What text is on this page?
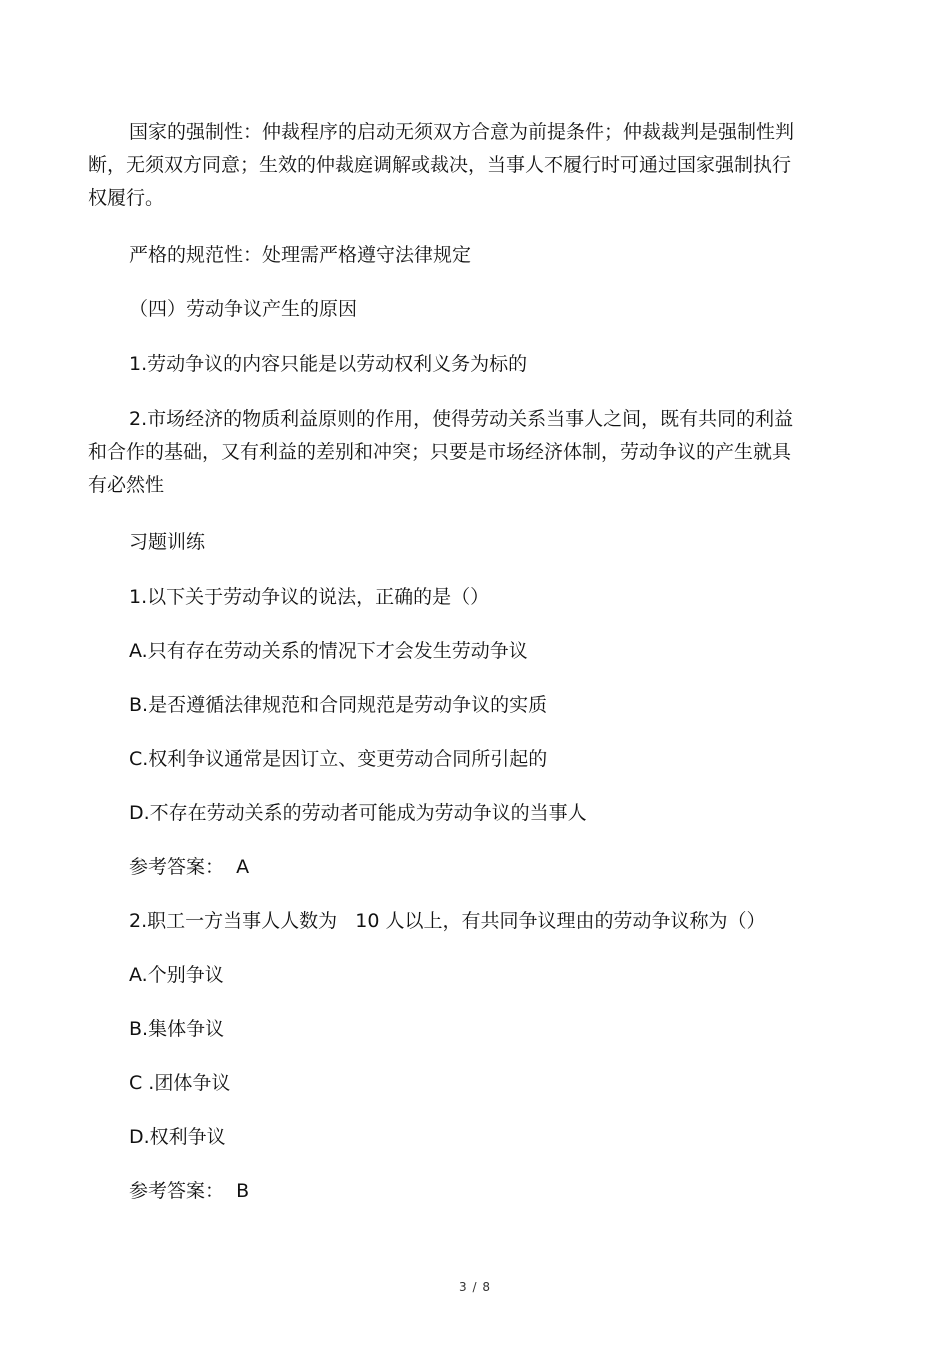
国家的强制性：仲裁程序的启动无须双方合意为前提条件；仲裁裁判是强制性判断，无须双方同意；生效的仲裁庭调解或裁决，当事人不履行时可通过国家强制执行权履行。

严格的规范性：处理需严格遵守法律规定

（四）劳动争议产生的原因

1.劳动争议的内容只能是以劳动权利义务为标的

2.市场经济的物质利益原则的作用，使得劳动关系当事人之间，既有共同的利益和合作的基础，又有利益的差别和冲突；只要是市场经济体制，劳动争议的产生就具有必然性

习题训练

1.以下关于劳动争议的说法，正确的是（）

A.只有存在劳动关系的情况下才会发生劳动争议

B.是否遵循法律规范和合同规范是劳动争议的实质

C.权利争议通常是因订立、变更劳动合同所引起的

D.不存在劳动关系的劳动者可能成为劳动争议的当事人

参考答案：  A

2.职工一方当事人人数为   10 人以上，有共同争议理由的劳动争议称为（）

A.个别争议

B.集体争议

C .团体争议

D.权利争议

参考答案：  B

3 / 8
